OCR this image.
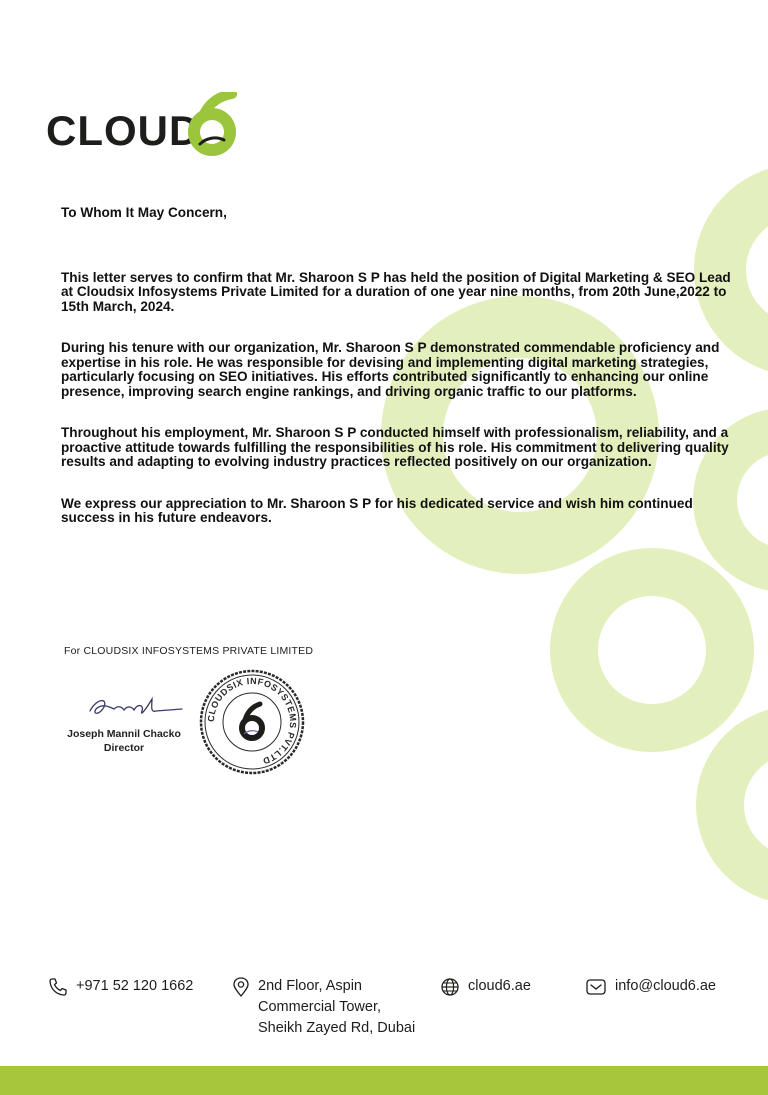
CLOUD

To Whom It May Concern,

This letter serves to confirm that Mr. Sharoon S P has held the position of Digital Marketing & SEO Lead at Cloudsix Infosystems Private Limited for a duration of one year nine months, from 20th June,2022 to 15th March, 2024.

During his tenure with our organization, Mr. Sharoon S P demonstrated commendable proficiency and expertise in his role. He was responsible for devising and implementing digital marketing strategies, particularly focusing on SEO initiatives. His efforts contributed significantly to enhancing our online presence, improving search engine rankings, and driving organic traffic to our platforms.

Throughout his employment, Mr. Sharoon S P conducted himself with professionalism, reliability, and a proactive attitude towards fulfilling the responsibilities of his role. His commitment to delivering quality results and adapting to evolving industry practices reflected positively on our organization.

We express our appreciation to Mr. Sharoon S P for his dedicated service and wish him continued success in his future endeavors.

For CLOUDSIX INFOSYSTEMS PRIVATE LIMITED
Joseph Mannil Chacko
Director
CLOUDSIX INFOSYSTEMS PVT.LTD
+971 52 120 1662	2nd Floor, Aspin
Commercial Tower,
Sheikh Zayed Rd, Dubai
cloud6.ae	info@cloud6.ae
